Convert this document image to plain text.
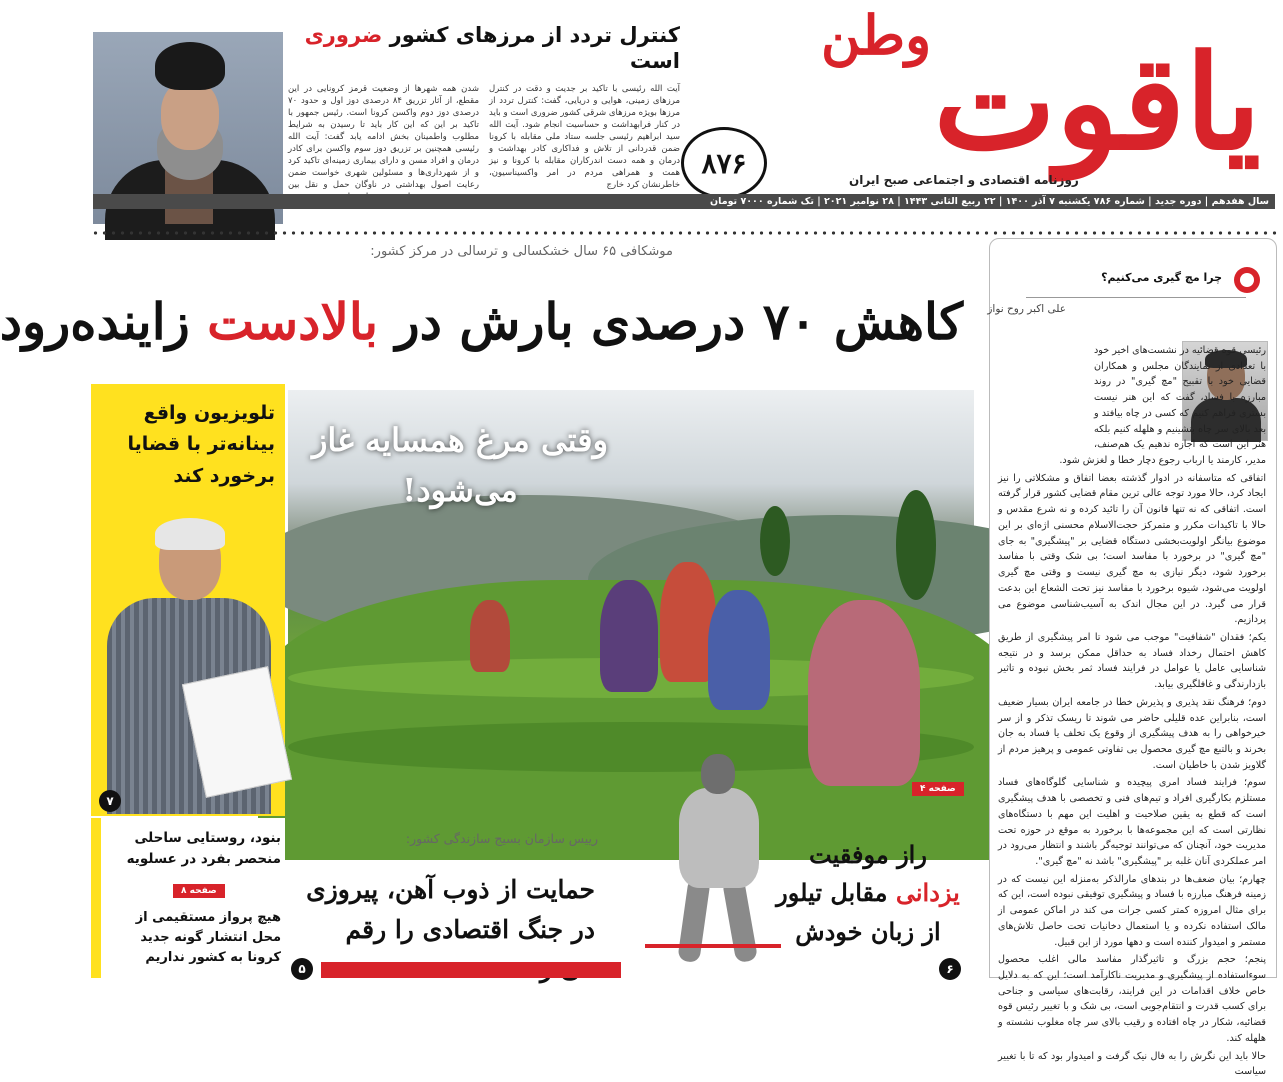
وطن یاقوت
روزنامه اقتصادی و اجتماعی صبح ایران
۸۷۶
کنترل تردد از مرزهای کشور ضروری است
آیت الله رئیسی با تاکید بر جدیت و دقت در کنترل مرزهای زمینی، هوایی و دریایی، گفت: کنترل تردد از مرزها بویژه مرزهای شرقی کشور ضروری است و باید در کنار فرابهداشت و حساسیت انجام شود. آیت الله سید ابراهیم رئیسی جلسه ستاد ملی مقابله با کرونا ضمن قدردانی از تلاش و فداکاری کادر بهداشت و درمان و همه دست اندرکاران مقابله با کرونا و نیز همت و همراهی مردم در امر واکسیناسیون، خاطرنشان کرد خارج
شدن همه شهرها از وضعیت قرمز کرونایی در این مقطع، از آثار تزریق ۸۴ درصدی دوز اول و حدود ۷۰ درصدی دوز دوم واکسن کرونا است. رئیس جمهور با تاکید بر این که این کار باید تا رسیدن به شرایط مطلوب واطمینان بخش ادامه یابد گفت: آیت الله رئیسی همچنین بر تزریق دوز سوم واکسن برای کادر درمان و افراد مسن و دارای بیماری زمینه‌ای تاکید کرد و از شهرداری‌ها و مسئولین شهری خواست ضمن رعایت اصول بهداشتی در ناوگان حمل و نقل بین
سال هفدهم | دوره جدید | شماره ۷۸۶ یکشنبه ۷ آذر ۱۴۰۰ | ۲۲ ربیع الثانی ۱۴۴۳ | ۲۸ نوامبر ۲۰۲۱ | تک شماره ۷۰۰۰ تومان
موشکافی ۶۵ سال خشکسالی و ترسالی در مرکز کشور:
کاهش ۷۰ درصدی بارش در بالادست زاینده‌رود
وقتی مرغ همسایه غاز می‌شود!
صفحه ۴
تلویزیون واقع بینانه‌تر با قضایا برخورد کند
۷
بنود، روستایی ساحلی منحصر بفرد در عسلویه
صفحه ۸
هیچ پرواز مستقیمی از محل انتشار گونه جدید کرونا به کشور نداریم
رییس سازمان بسیج سازندگی کشور:
حمایت از ذوب آهن، پیروزی در جنگ اقتصادی را رقم
۵
راز موفقیت یزدانی مقابل تیلور از زبان خودش
۶
چرا مچ گیری می‌کنیم؟
علی اکبر روح نواز

رئیسی قوه قضائیه در نشست‌های اخیر خود با تعدادی از نمایندگان مجلس و همکاران قضایی خود با تقبیح "مچ گیری" در روند مبارزه با فساد، گفت که این هنر نیست بستری فراهم کنیم که کسی در چاه بیافتد و بعد بالای سر چاه بنشینیم و هلهله کنیم بلکه هنر این است که اجازه ندهیم یک هم‌صنف، مدیر، کارمند یا ارباب رجوع دچار خطا و لغزش شود.

اتفاقی که متاسفانه در ادوار گذشته بعضا اتفاق و مشکلاتی را نیز ایجاد کرد، حالا مورد توجه عالی ترین مقام قضایی کشور قرار گرفته است. اتفاقی که نه تنها قانون آن را تائید کرده و نه شرع مقدس و حالا با تاکیدات مکرر و متمرکز حجت‌الاسلام محسنی اژه‌ای بر این موضوع بیانگر اولویت‌بخشی دستگاه قضایی بر "پیشگیری" به جای "مچ گیری" در برخورد با مفاسد است؛ بی شک وقتی با مفاسد برخورد شود، دیگر نیازی به مچ گیری نیست و وقتی مچ گیری اولویت می‌شود، شیوه برخورد با مفاسد نیز تحت الشعاع این بدعت قرار می گیرد. در این مجال اندک به آسیب‌شناسی موضوع می پردازیم.

یکم؛ فقدان "شفافیت" موجب می شود تا امر پیشگیری از طریق کاهش احتمال رخداد فساد به حداقل ممکن برسد و در نتیجه شناسایی عامل یا عوامل در فرایند فساد ثمر بخش نبوده و تاثیر بازدارندگی و غافلگیری بیابد.

دوم؛ فرهنگ نقد پذیری و پذیرش خطا در جامعه ایران بسیار ضعیف است، بنابراین عده قلیلی حاضر می شوند تا ریسک تذکر و از سر خیرخواهی را به هدف پیشگیری از وقوع یک تخلف یا فساد به جان بخرند و بالتبع مچ گیری محصول بی تفاوتی عمومی و پرهیز مردم از گلاویز شدن با خاطیان است.

سوم؛ فرایند فساد امری پیچیده و شناسایی گلوگاه‌های فساد مستلزم بکارگیری افراد و تیم‌های فنی و تخصصی با هدف پیشگیری است که قطع به یقین صلاحیت و اهلیت این مهم با دستگاه‌های نظارتی است که این مجموعه‌ها با برخورد به موقع در حوزه تحت مدیریت خود، آنچنان که می‌توانند توجیه‌گر باشند و انتظار می‌رود در امر عملکردی آنان غلبه بر "پیشگیری" باشد نه "مچ گیری".

چهارم؛ بیان ضعف‌ها در بندهای مارالذکر به‌منزله این نیست که در زمینه فرهنگ مبارزه با فساد و پیشگیری توفیقی نبوده است، این که برای مثال امروزه کمتر کسی جرات می کند در اماکن عمومی از مالک استفاده نکرده و یا استعمال دخانیات تحت حاصل تلاش‌های مستمر و امیدوار کننده است و دهها مورد از این قبیل.

پنجم؛ حجم بزرگ و تاثیرگذار مفاسد مالی اغلب محصول سوءاستفاده از پیشگیری و مدیریت ناکارآمد است؛ این که به دلایل خاص خلاف اقدامات در این فرایند، رقابت‌های سیاسی و جناحی برای کسب قدرت و انتقام‌جویی است، بی شک و با تغییر رئیس قوه قضائیه، شکار در چاه افتاده و رقیب بالای سر چاه مغلوب نشسته و هلهله کند.

حالا باید این نگرش را به فال نیک گرفت و امیدوار بود که تا با تغییر سیاست
